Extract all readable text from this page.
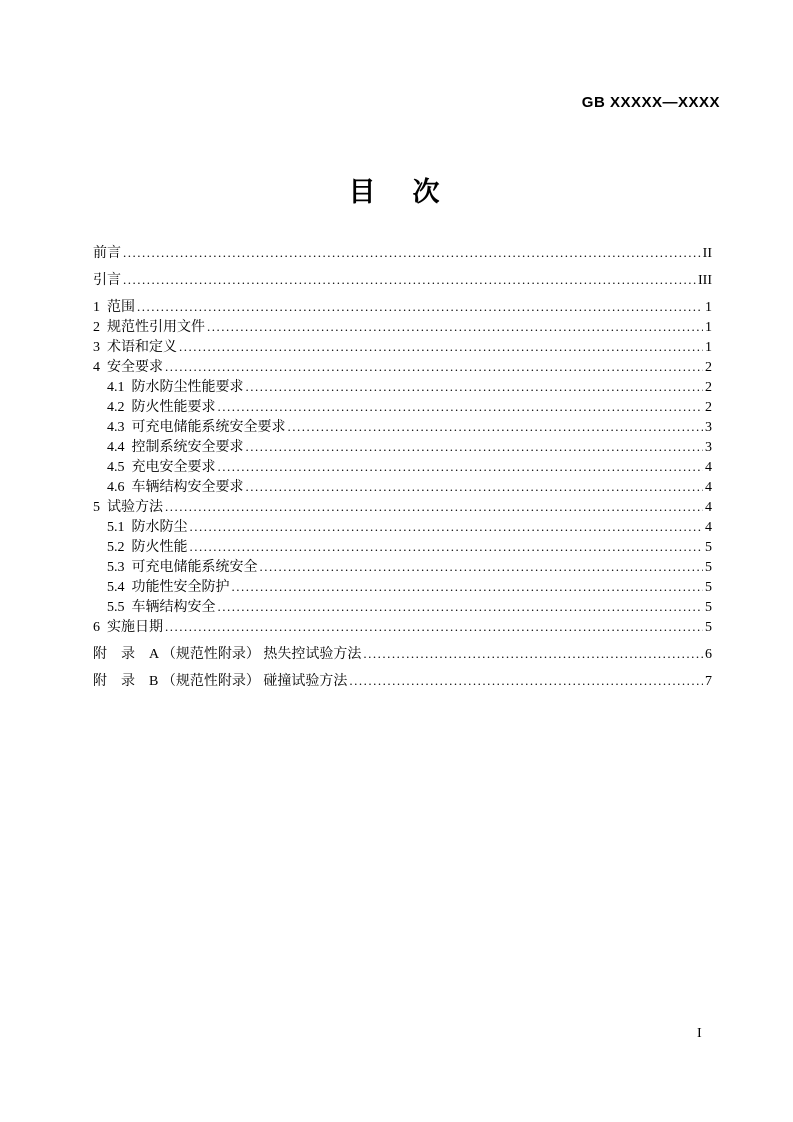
GB XXXXX—XXXX
目　次
前言 .....	II
引言 .....	III
1  范围 .....	1
2  规范性引用文件 .....	1
3  术语和定义 .....	1
4  安全要求 .....	2
4.1  防水防尘性能要求 .....	2
4.2  防火性能要求 .....	2
4.3  可充电储能系统安全要求 .....	3
4.4  控制系统安全要求 .....	3
4.5  充电安全要求 .....	4
4.6  车辆结构安全要求 .....	4
5  试验方法 .....	4
5.1  防水防尘 .....	4
5.2  防火性能 .....	5
5.3  可充电储能系统安全 .....	5
5.4  功能性安全防护 .....	5
5.5  车辆结构安全 .....	5
6  实施日期 .....	5
附　录　A （规范性附录） 热失控试验方法 .....	6
附　录　B （规范性附录） 碰撞试验方法 .....	7
I
